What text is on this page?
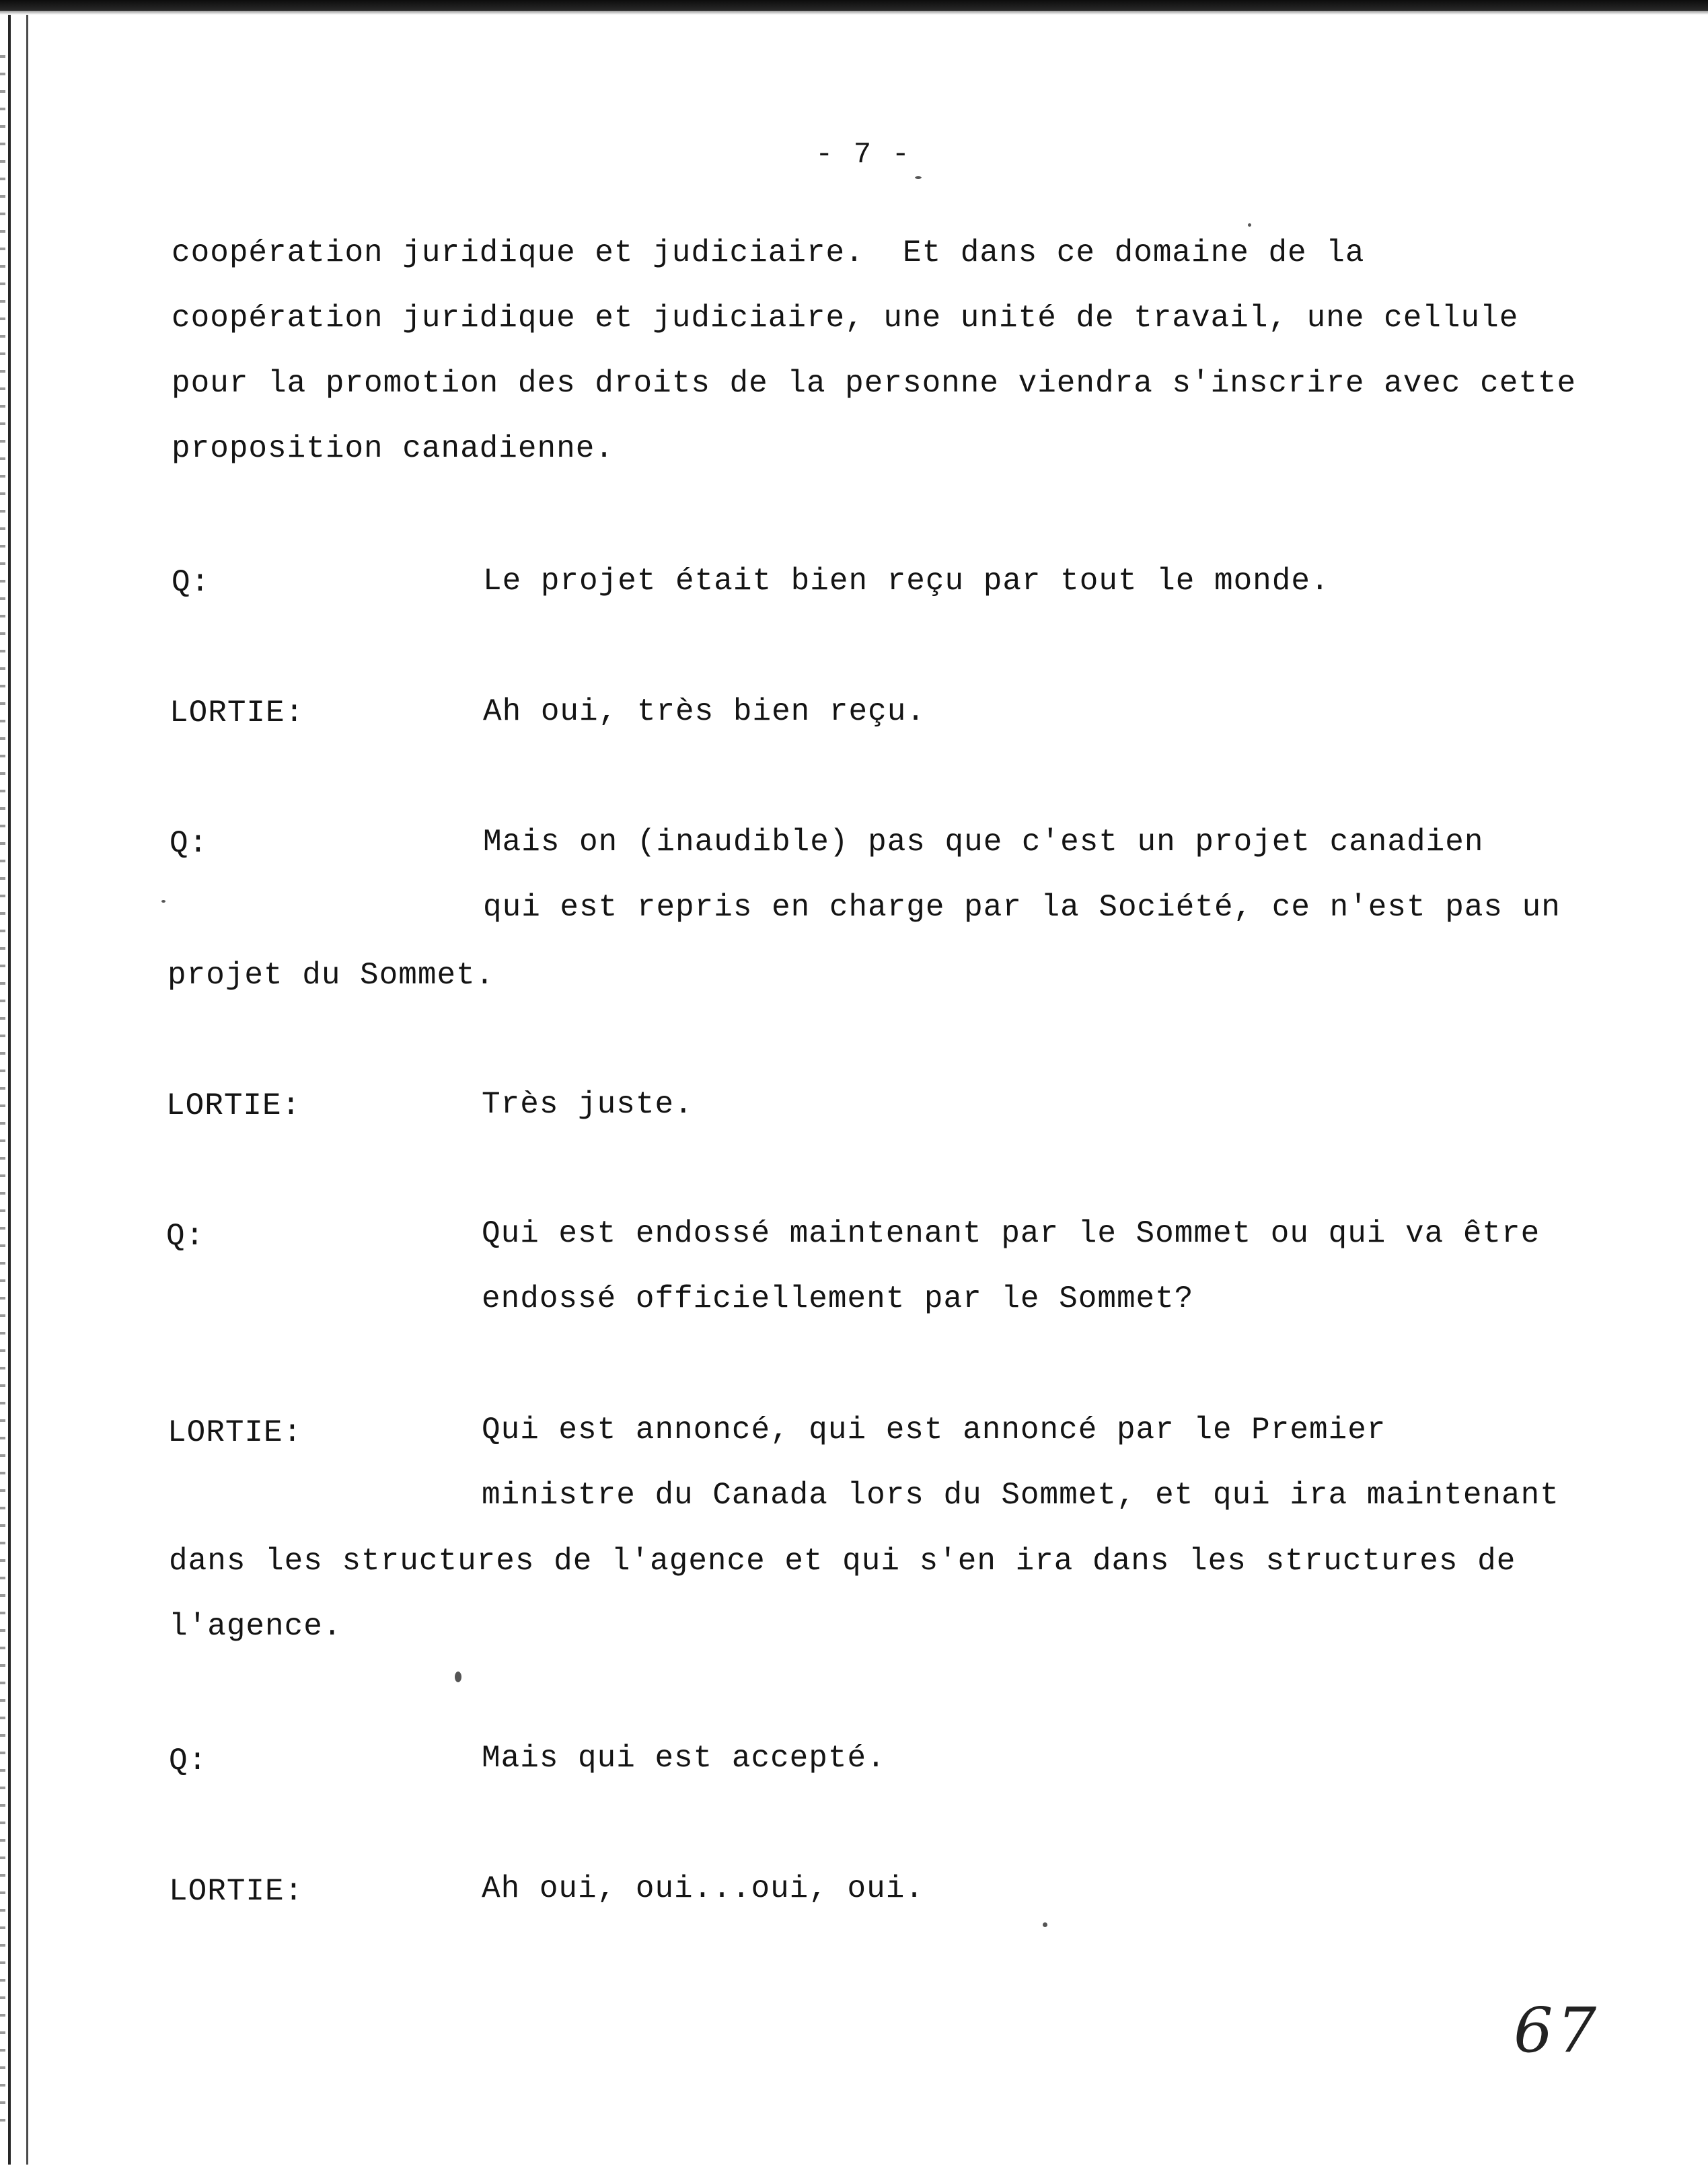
- 7 -
coopération juridique et judiciaire.  Et dans ce domaine de la
coopération juridique et judiciaire, une unité de travail, une cellule
pour la promotion des droits de la personne viendra s'inscrire avec cette
proposition canadienne.
Q:	Le projet était bien reçu par tout le monde.
LORTIE:	Ah oui, très bien reçu.
Q:	Mais on (inaudible) pas que c'est un projet canadien
qui est repris en charge par la Société, ce n'est pas un
projet du Sommet.
LORTIE:	Très juste.
Q:	Qui est endossé maintenant par le Sommet ou qui va être
endossé officiellement par le Sommet?
LORTIE:	Qui est annoncé, qui est annoncé par le Premier
ministre du Canada lors du Sommet, et qui ira maintenant
dans les structures de l'agence et qui s'en ira dans les structures de
l'agence.
Q:	Mais qui est accepté.
LORTIE:	Ah oui, oui...oui, oui.
67
